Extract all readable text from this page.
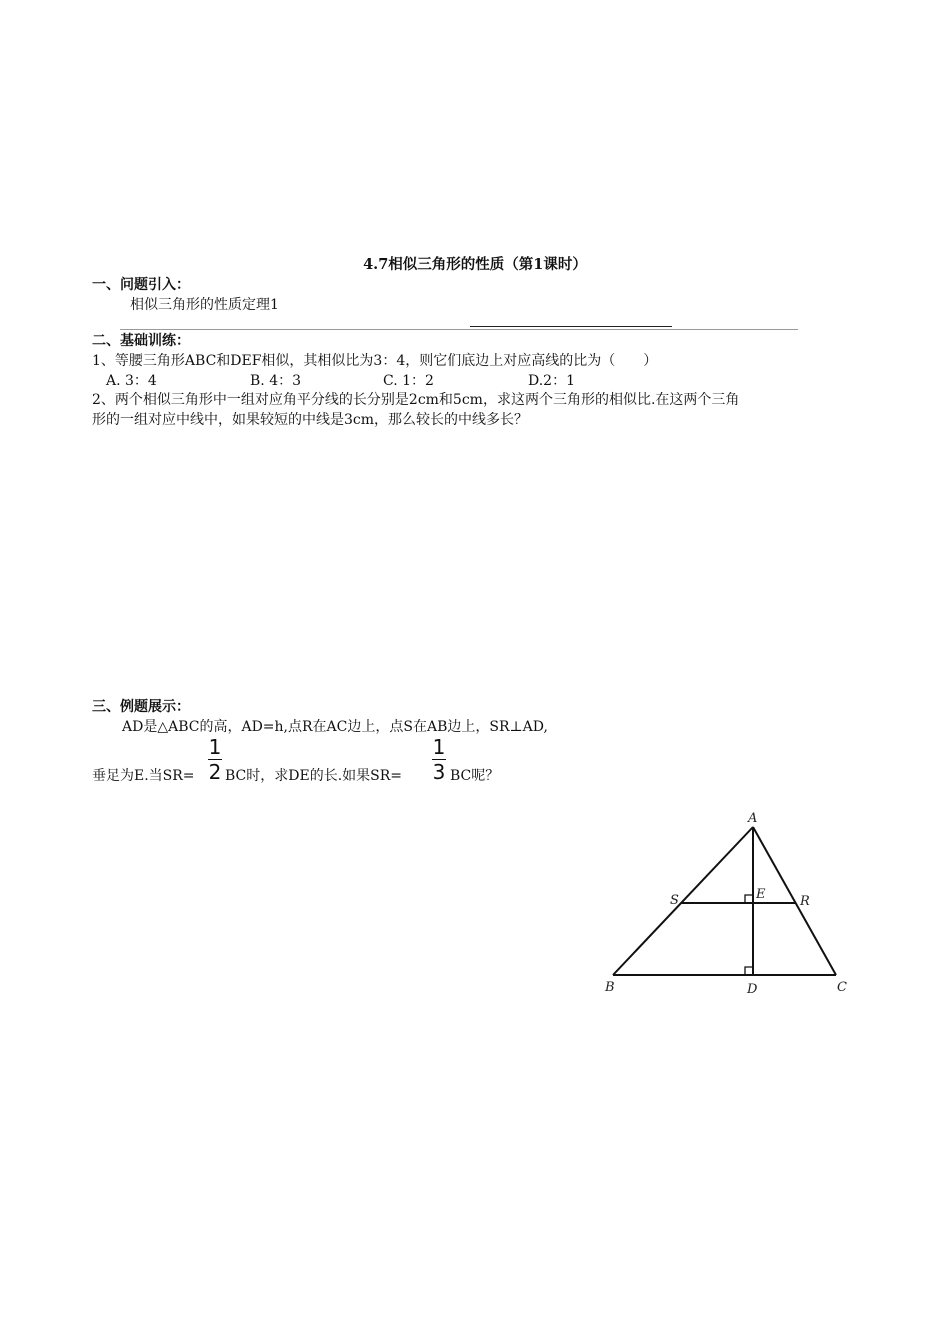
4.7相似三角形的性质（第1课时）
一、问题引入：
相似三角形的性质定理1
二、基础训练：
1、等腰三角形ABC和DEF相似，其相似比为3：4，则它们底边上对应高线的比为（　　）
A. 3：4	B. 4：3	C. 1：2	D.2：1
2、两个相似三角形中一组对应角平分线的长分别是2cm和5cm，求这两个三角形的相似比.在这两个三角
形的一组对应中线中，如果较短的中线是3cm，那么较长的中线多长？
三、例题展示：
AD是△ABC的高，AD=h,点R在AC边上，点S在AB边上，SR⊥AD,
垂足为E.当SR=
1
2 BC时，求DE的长.如果SR=
1
3 BC呢？
A
B	C
D
E
S	R
